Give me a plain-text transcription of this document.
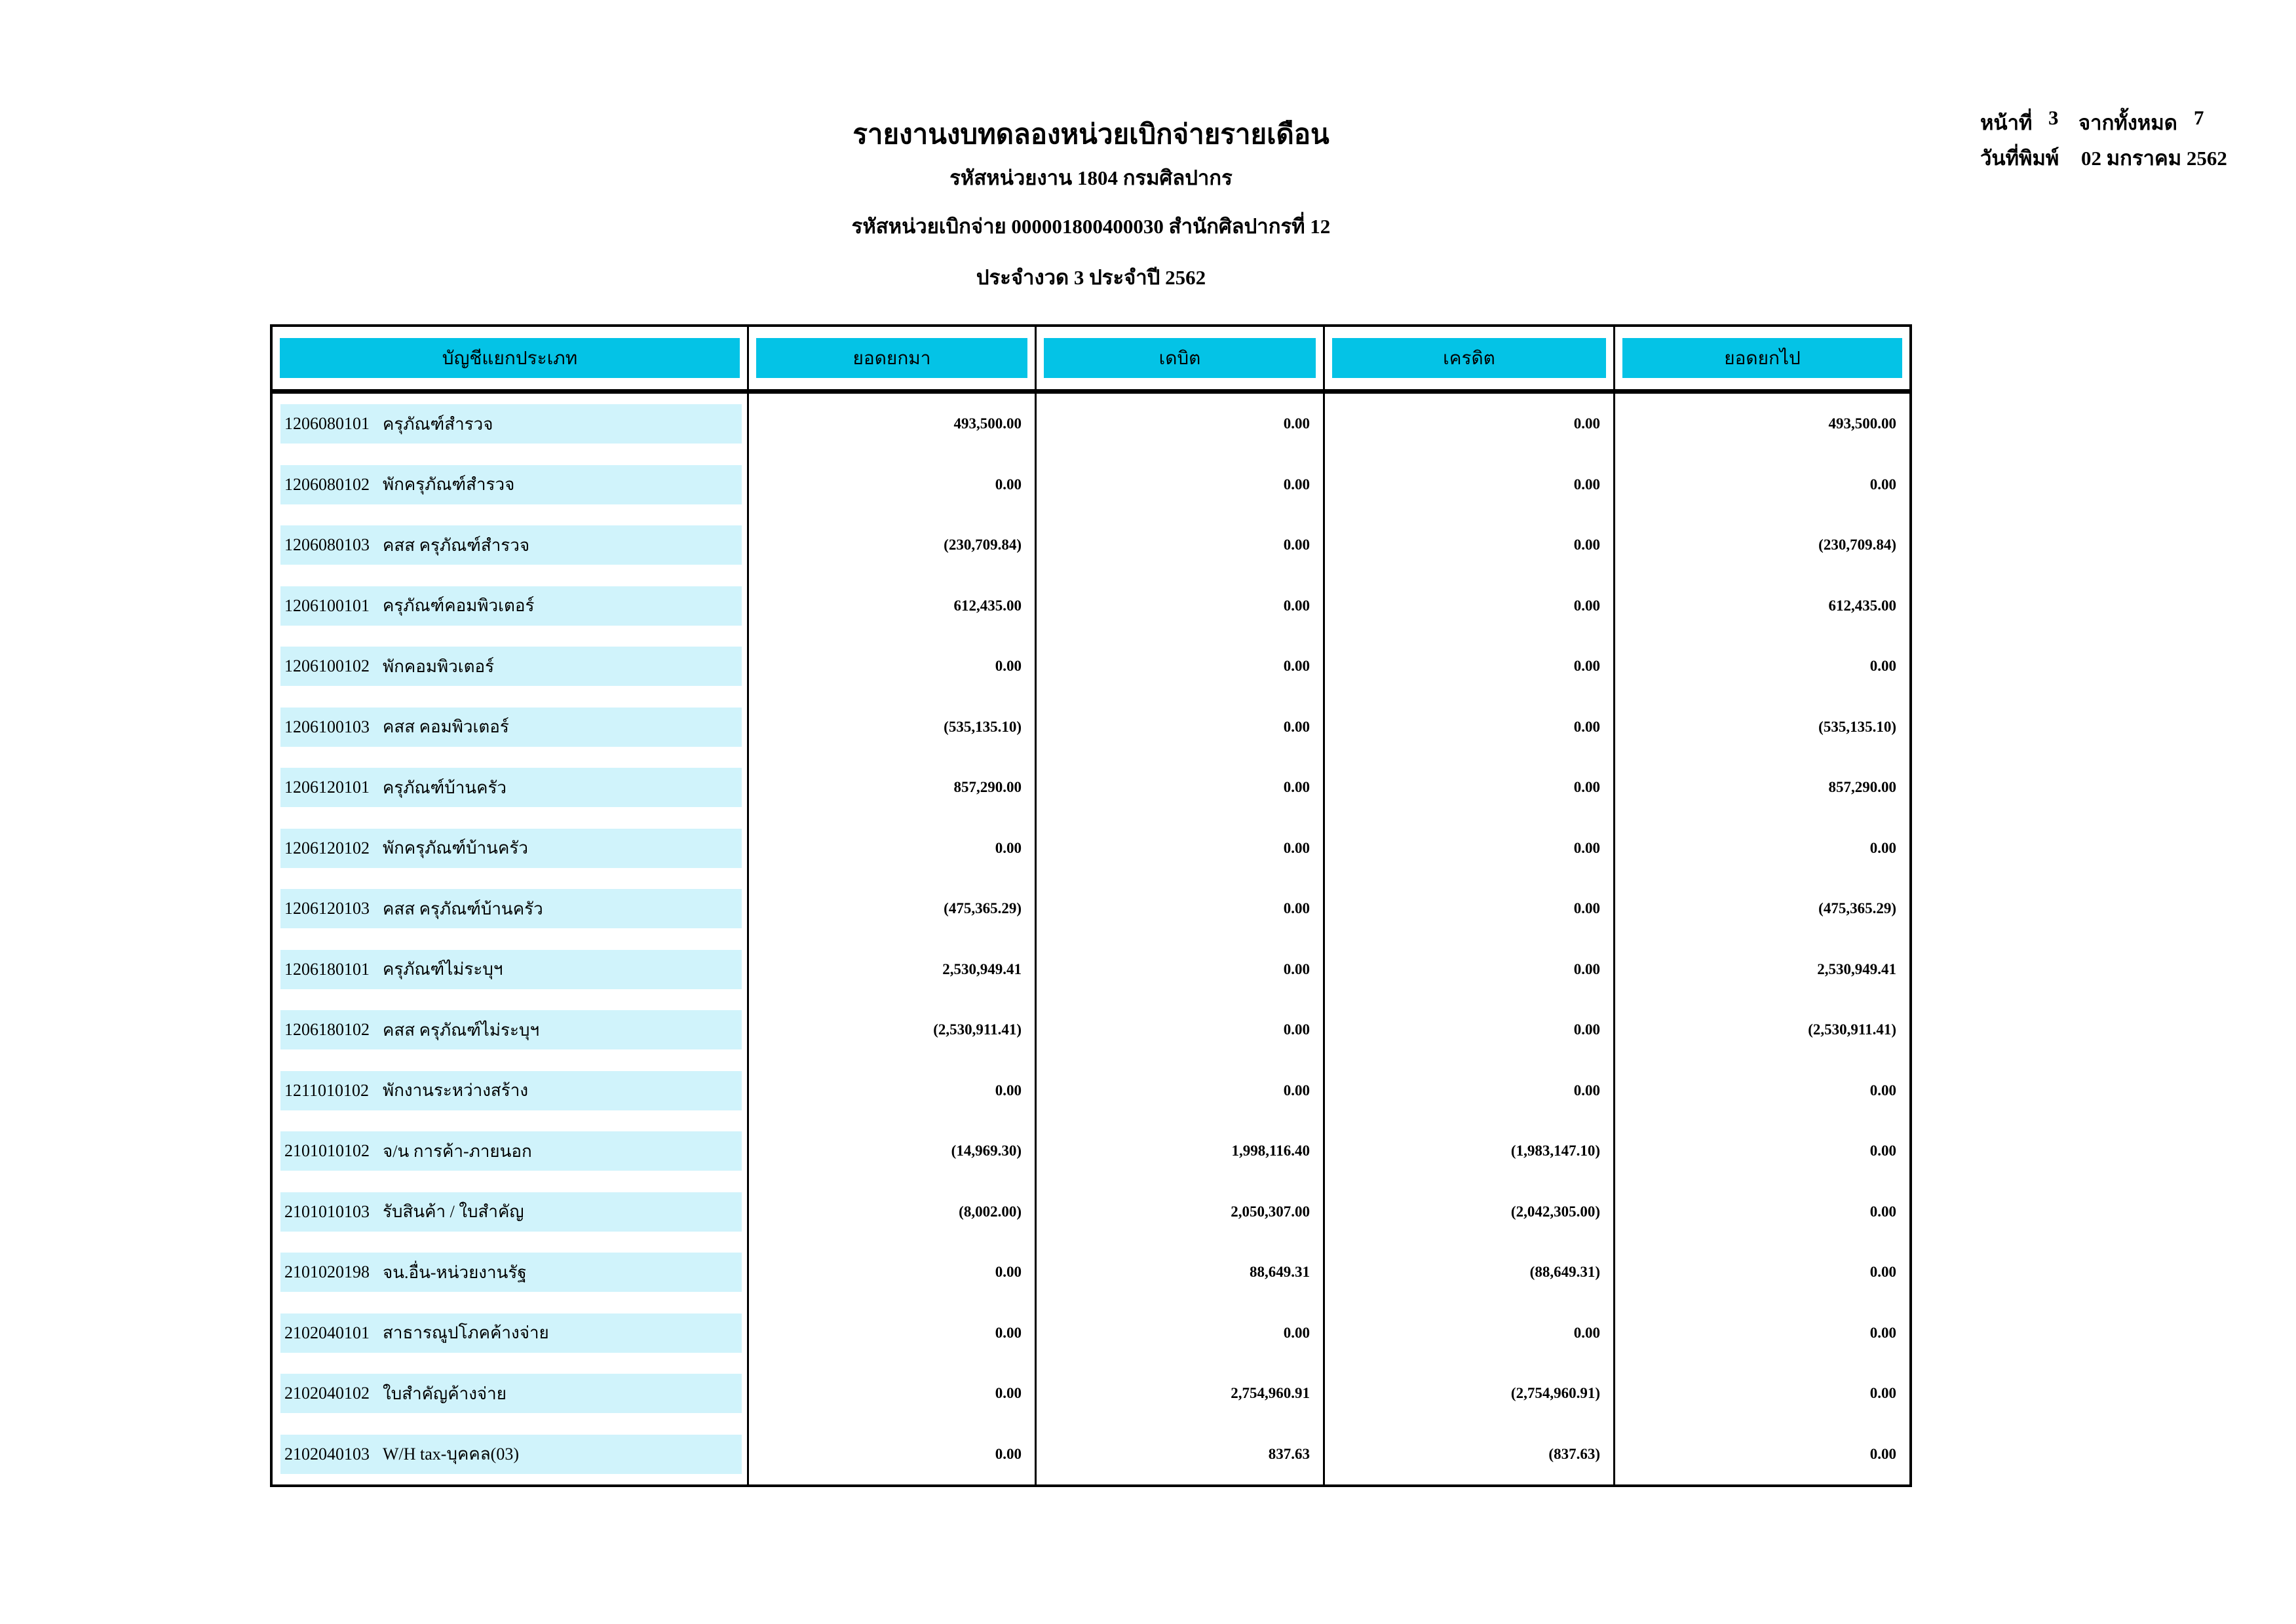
รายงานงบทดลองหน่วยเบิกจ่ายรายเดือน
รหัสหน่วยงาน 1804 กรมศิลปากร
รหัสหน่วยเบิกจ่าย 000001800400030 สำนักศิลปากรที่ 12
ประจำงวด 3 ประจำปี 2562
หน้าที่ 3 จากทั้งหมด 7
วันที่พิมพ์ 02 มกราคม 2562
บัญชีแยกประเภท	ยอดยกมา	เดบิต	เครดิต	ยอดยกไป
1206080101 ครุภัณฑ์สำรวจ	493,500.00	0.00	0.00	493,500.00
1206080102 พักครุภัณฑ์สำรวจ	0.00	0.00	0.00	0.00
1206080103 คสส ครุภัณฑ์สำรวจ	(230,709.84)	0.00	0.00	(230,709.84)
1206100101 ครุภัณฑ์คอมพิวเตอร์	612,435.00	0.00	0.00	612,435.00
1206100102 พักคอมพิวเตอร์	0.00	0.00	0.00	0.00
1206100103 คสส คอมพิวเตอร์	(535,135.10)	0.00	0.00	(535,135.10)
1206120101 ครุภัณฑ์บ้านครัว	857,290.00	0.00	0.00	857,290.00
1206120102 พักครุภัณฑ์บ้านครัว	0.00	0.00	0.00	0.00
1206120103 คสส ครุภัณฑ์บ้านครัว	(475,365.29)	0.00	0.00	(475,365.29)
1206180101 ครุภัณฑ์ไม่ระบุฯ	2,530,949.41	0.00	0.00	2,530,949.41
1206180102 คสส ครุภัณฑ์ไม่ระบุฯ	(2,530,911.41)	0.00	0.00	(2,530,911.41)
1211010102 พักงานระหว่างสร้าง	0.00	0.00	0.00	0.00
2101010102 จ/น การค้า-ภายนอก	(14,969.30)	1,998,116.40	(1,983,147.10)	0.00
2101010103 รับสินค้า / ใบสำคัญ	(8,002.00)	2,050,307.00	(2,042,305.00)	0.00
2101020198 จน.อื่น-หน่วยงานรัฐ	0.00	88,649.31	(88,649.31)	0.00
2102040101 สาธารณูปโภคค้างจ่าย	0.00	0.00	0.00	0.00
2102040102 ใบสำคัญค้างจ่าย	0.00	2,754,960.91	(2,754,960.91)	0.00
2102040103 W/H tax-บุคคล(03)	0.00	837.63	(837.63)	0.00
